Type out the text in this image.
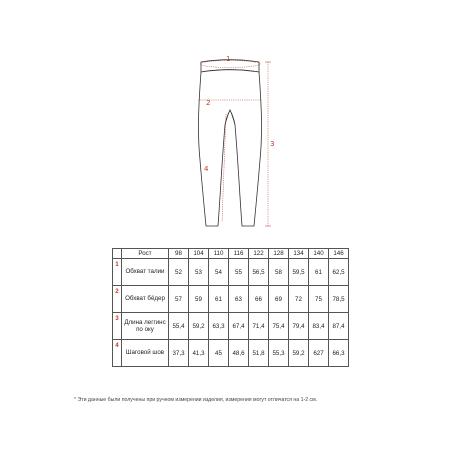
1
2
4
3
	Рост	98	104	110	116	122	128	134	140	146
1	Обхват талии	52	53	54	55	56,5	58	59,5	61	62,5
2	Обхват бёдер	57	59	61	63	66	69	72	75	78,5
3	Длина леггинс по оку	55,4	59,2	63,3	67,4	71,4	75,4	79,4	83,4	87,4
4	Шаговой шов	37,3	41,3	45	48,6	51,8	55,3	59,2	627	66,3
* Эти данные были получены при ручном измерении изделия, измерения могут отличатся на 1-2 см.
